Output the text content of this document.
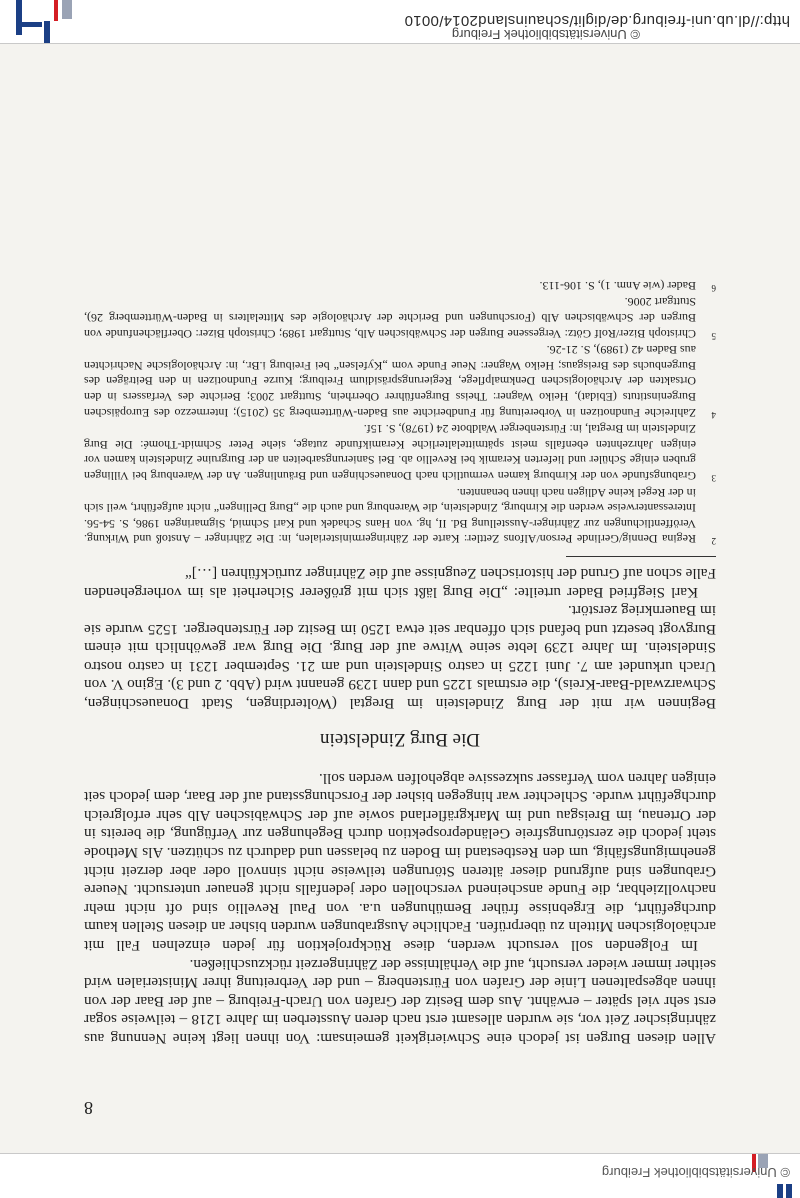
© Universitätsbibliothek Freiburg
8

Allen diesen Burgen ist jedoch eine Schwierigkeit gemeinsam: Von ihnen liegt keine Nennung aus zähringischer Zeit vor, sie wurden allesamt erst nach deren Aussterben im Jahre 1218 – teilweise sogar erst sehr viel später – erwähnt. Aus dem Besitz der Grafen von Urach-Freiburg – auf der Baar der von ihnen abgespaltenen Linie der Grafen von Fürstenberg – und der Verbreitung ihrer Ministerialen wird seither immer wieder versucht, auf die Verhältnisse der Zähringerzeit rückzuschließen.

Im Folgenden soll versucht werden, diese Rückprojektion für jeden einzelnen Fall mit archäologischen Mitteln zu überprüfen. Fachliche Ausgrabungen wurden bisher an diesen Stellen kaum durchgeführt, die Ergebnisse früher Bemühungen u.a. von Paul Revellio sind oft nicht mehr nachvollziehbar, die Funde anscheinend verschollen oder jedenfalls nicht genauer untersucht. Neuere Grabungen sind aufgrund dieser älteren Störungen teilweise nicht sinnvoll oder aber derzeit nicht genehmigungsfähig, um den Restbestand im Boden zu belassen und dadurch zu schützen. Als Methode steht jedoch die zerstörungsfreie Geländeprospektion durch Begehungen zur Verfügung, die bereits in der Ortenau, im Breisgau und im Markgräflerland sowie auf der Schwäbischen Alb sehr erfolgreich durchgeführt wurde. Schlechter war hingegen bisher der Forschungsstand auf der Baar, dem jedoch seit einigen Jahren vom Verfasser sukzessive abgeholfen werden soll.

Die Burg Zindelstein

Beginnen wir mit der Burg Zindelstein im Bregtal (Wolterdingen, Stadt Donaueschingen, Schwarzwald-Baar-Kreis), die erstmals 1225 und dann 1239 genannt wird (Abb. 2 und 3). Egino V. von Urach urkundet am 7. Juni 1225 in castro Sindelstein und am 21. September 1231 in castro nostro Sindelstein. Im Jahre 1239 lebte seine Witwe auf der Burg. Die Burg war gewöhnlich mit einem Burgvogt besetzt und befand sich offenbar seit etwa 1250 im Besitz der Fürstenberger. 1525 wurde sie im Bauernkrieg zerstört.

Karl Siegfried Bader urteilte: „Die Burg läßt sich mit größerer Sicherheit als im vorhergehenden Falle schon auf Grund der historischen Zeugnisse auf die Zähringer zurückführen […]“

2
Regina Dennig/Gerlinde Person/Alfons Zettler: Karte der Zähringerministerialen, in: Die Zähringer – Anstoß und Wirkung. Veröffentlichungen zur Zähringer-Ausstellung Bd. II, hg. von Hans Schadek und Karl Schmid, Sigmaringen 1986, S. 54-56. Interessanterweise werden die Kirnburg, Zindelstein, die Warenburg und auch die „Burg Dellingen“ nicht aufgeführt, weil sich in der Regel keine Adligen nach ihnen benannten.
3
Grabungsfunde von der Kirnburg kamen vermutlich nach Donaueschingen und Bräunlingen. An der Warenburg bei Villingen gruben einige Schüler und lieferten Keramik bei Revellio ab. Bei Sanierungsarbeiten an der Burgruine Zindelstein kamen vor einigen Jahrzehnten ebenfalls meist spätmittelalterliche Keramikfunde zutage, siehe Peter Schmidt-Thomé: Die Burg Zindelstein im Bregtal, in: Fürstenberger Waldbote 24 (1978), S. 15f.
4
Zahlreiche Fundnotizen in Vorbereitung für Fundberichte aus Baden-Württemberg 35 (2015); Intermezzo des Europäischen Burgeninstituts (Ebidat), Heiko Wagner: Theiss Burgenführer Oberrhein, Stuttgart 2003; Berichte des Verfassers in den Ortsakten der Archäologischen Denkmalpflege, Regierungspräsidium Freiburg; Kurze Fundnotizen in den Beiträgen des Burgenbuchs des Breisgaus; Heiko Wagner: Neue Funde vom „Kyfelsen“ bei Freiburg i.Br., in: Archäologische Nachrichten aus Baden 42 (1989), S. 21-26.
5
Christoph Bizer/Rolf Götz: Vergessene Burgen der Schwäbischen Alb, Stuttgart 1989; Christoph Bizer: Oberflächenfunde von Burgen der Schwäbischen Alb (Forschungen und Berichte der Archäologie des Mittelalters in Baden-Württemberg 26), Stuttgart 2006.
6
Bader (wie Anm. 1), S. 106-113.
© Universitätsbibliothek Freiburg
http://dl.ub.uni-freiburg.de/diglit/schauinsland2014/0010
